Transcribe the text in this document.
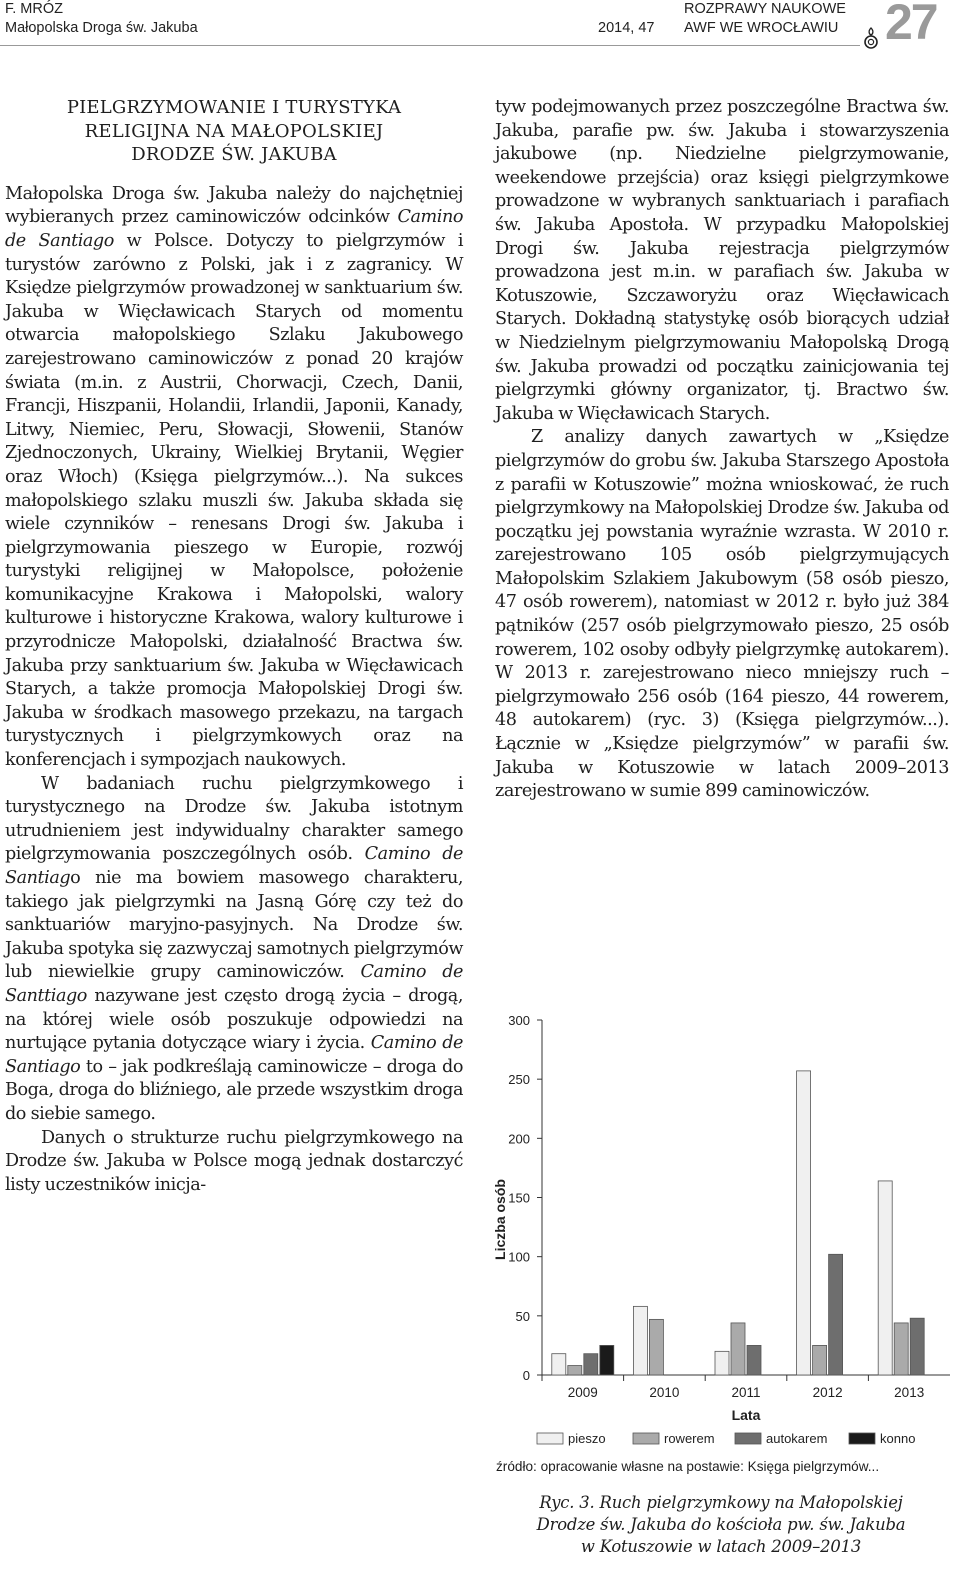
F. MRÓZ
Małopolska Droga św. Jakuba	2014, 47
ROZPRAWY NAUKOWE
AWF WE WROCŁAWIU 27
PIELGRZYMOWANIE I TURYSTYKA
RELIGIJNA NA MAŁOPOLSKIEJ
DRODZE ŚW. JAKUBA

Małopolska Droga św. Jakuba należy do najchętniej wybieranych przez caminowiczów odcinków Camino de Santiago w Polsce. Dotyczy to pielgrzymów i turystów zarówno z Polski, jak i z zagranicy. W Księdze pielgrzymów prowadzonej w sanktuarium św. Jakuba w Więcławicach Starych od momentu otwarcia małopolskiego Szlaku Jakubowego zarejestrowano caminowiczów z ponad 20 krajów świata (m.in. z Austrii, Chorwacji, Czech, Danii, Francji, Hiszpanii, Holandii, Irlandii, Japonii, Kanady, Litwy, Niemiec, Peru, Słowacji, Słowenii, Stanów Zjednoczonych, Ukrainy, Wielkiej Brytanii, Węgier oraz Włoch) (Księga pielgrzymów...). Na sukces małopolskiego szlaku muszli św. Jakuba składa się wiele czynników – renesans Drogi św. Jakuba i pielgrzymowania pieszego w Europie, rozwój turystyki religijnej w Małopolsce, położenie komunikacyjne Krakowa i Małopolski, walory kulturowe i historyczne Krakowa, walory kulturowe i przyrodnicze Małopolski, działalność Bractwa św. Jakuba przy sanktuarium św. Jakuba w Więcławicach Starych, a także promocja Małopolskiej Drogi św. Jakuba w środkach masowego przekazu, na targach turystycznych i pielgrzymkowych oraz na konferencjach i sympozjach naukowych.

W badaniach ruchu pielgrzymkowego i turystycznego na Drodze św. Jakuba istotnym utrudnieniem jest indywidualny charakter samego pielgrzymowania poszczególnych osób. Camino de Santiago nie ma bowiem masowego charakteru, takiego jak pielgrzymki na Jasną Górę czy też do sanktuariów maryjno-pasyjnych. Na Drodze św. Jakuba spotyka się zazwyczaj samotnych pielgrzymów lub niewielkie grupy caminowiczów. Camino de Santtiago nazywane jest często drogą życia – drogą, na której wiele osób poszukuje odpowiedzi na nurtujące pytania dotyczące wiary i życia. Camino de Santiago to – jak podkreślają caminowicze – droga do Boga, droga do bliźniego, ale przede wszystkim droga do siebie samego.

Danych o strukturze ruchu pielgrzymkowego na Drodze św. Jakuba w Polsce mogą jednak dostarczyć listy uczestników inicja-

tyw podejmowanych przez poszczególne Bractwa św. Jakuba, parafie pw. św. Jakuba i stowarzyszenia jakubowe (np. Niedzielne pielgrzymowanie, weekendowe przejścia) oraz księgi pielgrzymkowe prowadzone w wybranych sanktuariach i parafiach św. Jakuba Apostoła. W przypadku Małopolskiej Drogi św. Jakuba rejestracja pielgrzymów prowadzona jest m.in. w parafiach św. Jakuba w Kotuszowie, Szczaworyżu oraz Więcławicach Starych. Dokładną statystykę osób biorących udział w Niedzielnym pielgrzymowaniu Małopolską Drogą św. Jakuba prowadzi od początku zainicjowania tej pielgrzymki główny organizator, tj. Bractwo św. Jakuba w Więcławicach Starych.

Z analizy danych zawartych w „Księdze pielgrzymów do grobu św. Jakuba Starszego Apostoła z parafii w Kotuszowie” można wnioskować, że ruch pielgrzymkowy na Małopolskiej Drodze św. Jakuba od początku jej powstania wyraźnie wzrasta. W 2010 r. zarejestrowano 105 osób pielgrzymujących Małopolskim Szlakiem Jakubowym (58 osób pieszo, 47 osób rowerem), natomiast w 2012 r. było już 384 pątników (257 osób pielgrzymowało pieszo, 25 osób rowerem, 102 osoby odbyły pielgrzymkę autokarem). W 2013 r. zarejestrowano nieco mniejszy ruch – pielgrzymowało 256 osób (164 pieszo, 44 rowerem, 48 autokarem) (ryc. 3) (Księga pielgrzymów...). Łącznie w „Księdze pielgrzymów” w parafii św. Jakuba w Kotuszowie w latach 2009–2013 zarejestrowano w sumie 899 caminowiczów.

0
50
100
150
200
250
300
2009	2010	2011	2012	2013
Lata
Liczba osób
pieszo	rowerem	autokarem	konno
źródło: opracowanie własne na postawie: Księga pielgrzymów...
Ryc. 3. Ruch pielgrzymkowy na Małopolskiej
Drodze św. Jakuba do kościoła pw. św. Jakuba
w Kotuszowie w latach 2009–2013
